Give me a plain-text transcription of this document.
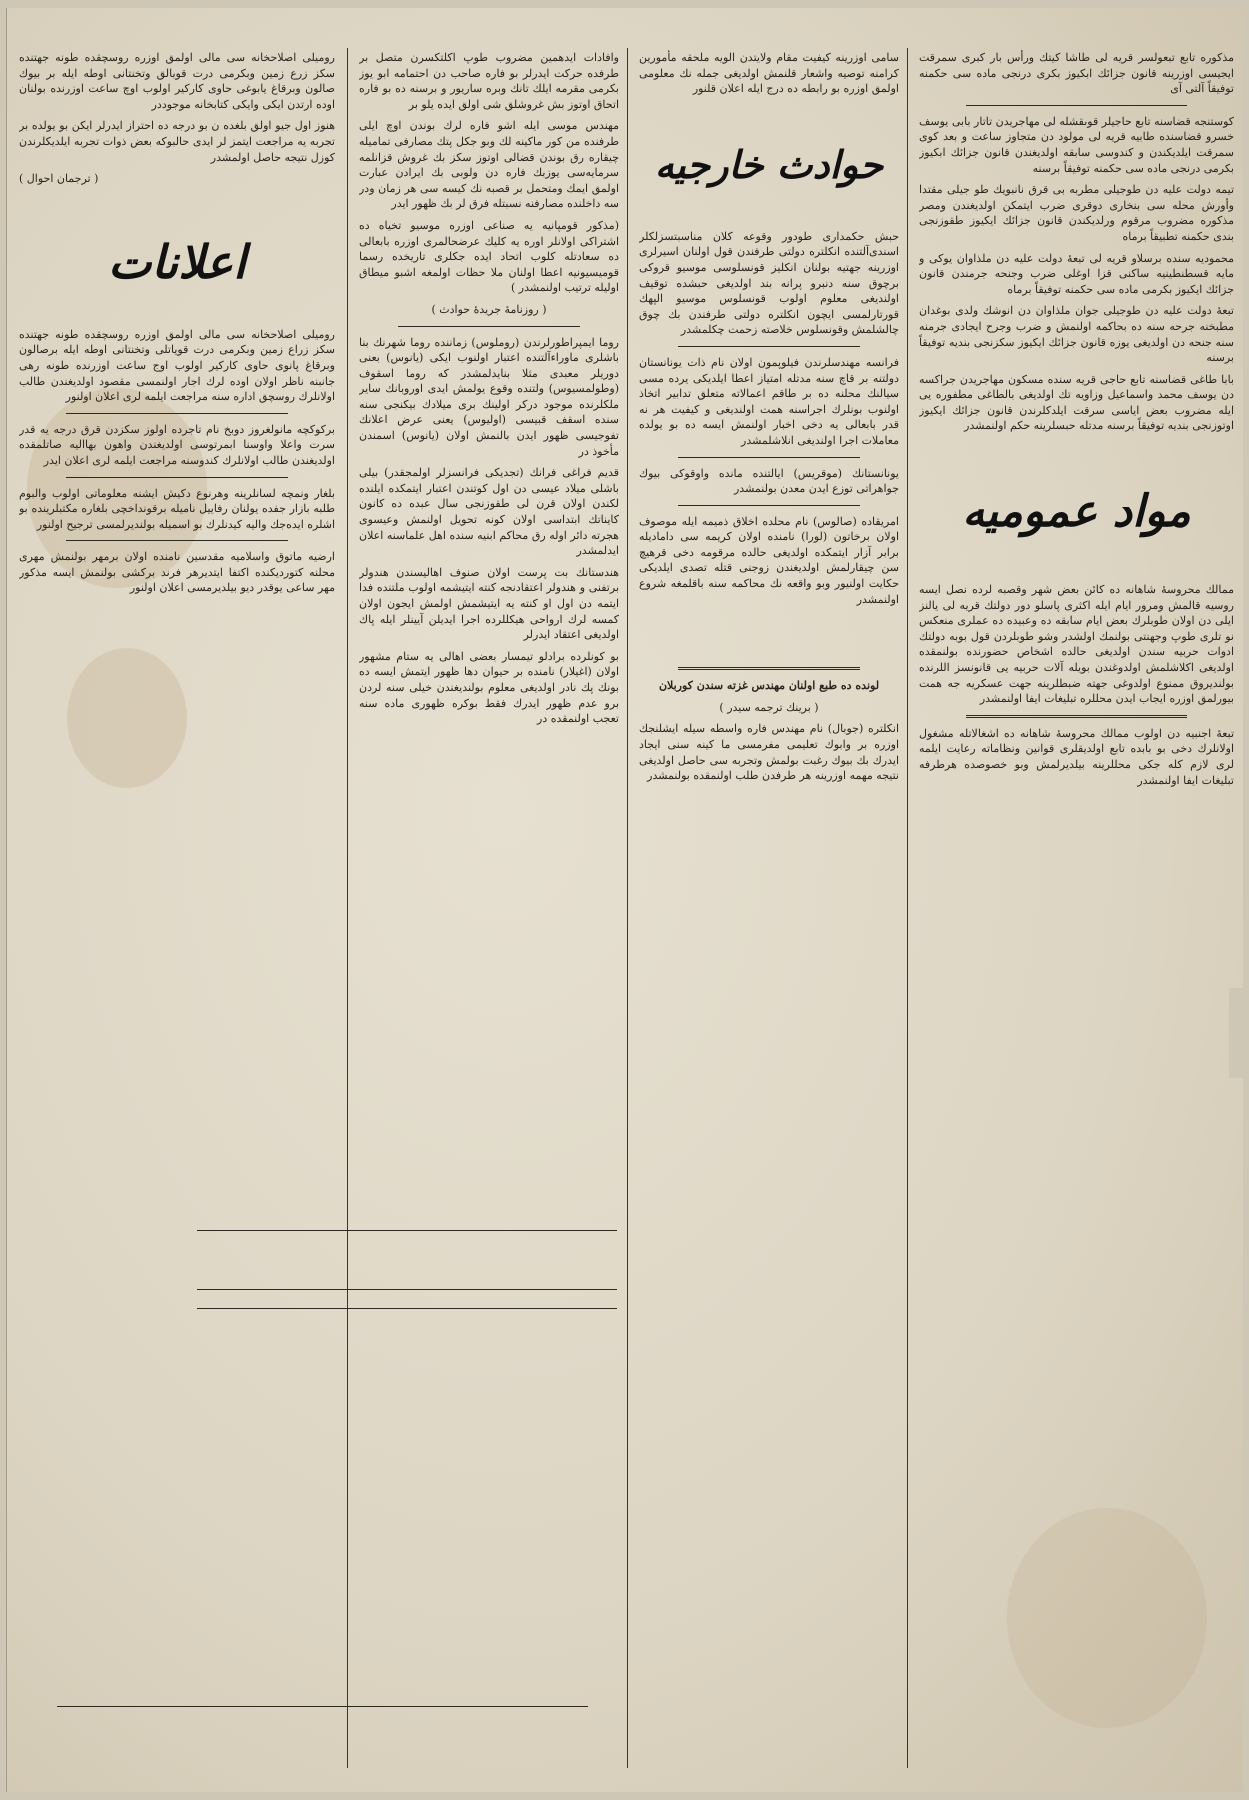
مذكوره تابع تبعولسر قريه لى طاشا كيتك ورأس بار كبرى سمرقت ايجيسى اوزرينه قانون جزائك ابكيوز بكرى درنجى ماده سى حكمنه توفيقاً آلتى آى
كوستنجه قضاسنه تابع حاجيلر قوىقشله لى مهاجريدن تاتار بابى يوسف خسرو قضاسنده طابيه قريه لى مولود دن متجاوز ساعت و بعد كوى سمرقت ايلديكندن و كندوسى سابقه اولديغندن قانون جزائك ابكيوز بكرمى درنجى ماده سى حكمنه توفيقاً برسنه
تيمه دولت عليه دن طوجيلى مطربه بى قرق نانبويك طو جيلى مقتدا وأورش محله سى بنخارى دوقرى ضرب ايتمكن اولديغندن ومصر مذكوره مضروب مرقوم ورلديكندن قانون جزائك ايكيوز طقوزنجى بندى حكمنه تطبيقاً برماه
محموديه سنده برسلاو قريه لى تبعهٔ دولت عليه دن ملذاوان يوكى و مايه قسطنطينيه ساكنى قزا اوغلى ضرب وجنحه جرمندن قانون جزائك ايكيوز بكرمى ماده سى حكمنه توفيقاً برماه
تبعهٔ دولت عليه دن طوجيلى جوان ملذاوان دن انوشك ولدى بوغدان مطبخنه جرحه سنه ده بحاكمه اولنمش و ضرب وجرح ايجادى جرمنه سنه جنحه دن اولديغى يوزه قانون جزائك ايكيوز سكزنجى بنديه توفيقاً برسنه
بابا طاغى قضاسنه تابع حاجى قريه سنده مسكون مهاجريدن جراكسه دن يوسف محمد واسماعيل وزاويه تك اولديغى بالطاغى مطفوره يى ايله مضروب بعض اياسى سرقت ايلدكلرندن قانون جزائك ايكيوز اوتوزنجى بنديه توفيقاً برسنه مدتله حبسلرينه حكم اولنمشدر
مواد عموميه
ممالك محروسهٔ شاهانه ده كائن بعض شهر وقصبه لرده نصل ايسه روسيه قالمش ومرور ايام ايله اكثرى پاسلو دور دولتك قريه لى يالنز ايلى دن اولان طوبلرك بعض ايام سابقه ده وعبيده ده عملرى منعكس نو تلرى طوپ وجهنتى بولنمك اولشدر وشو طوبلردن قول بوبه دولتك ادوات حربيه سندن اولديغى حالده اشخاص حضورنده بولنمقده اولديغى اكلاشلمش اولدوغندن بويله آلات حربيه يى قانونسز اللرنده بولنديروق ممنوع اولدوغى جهته ضبطلرينه جهت عسكريه جه همت بيورلمق اوزره ايجاب ايدن محللره تبليغات ايفا اولنمشدر
تبعهٔ اجنبيه دن اولوب ممالك محروسهٔ شاهانه ده اشغالاتله مشغول اولانلرك دخى بو بابده تابع اولديقلرى قوانين ونظاماته رعايت ايلمه لرى لازم كله جكى محللرينه بيلديرلمش وبو خصوصده هرطرفه تبليغات ايفا اولنمشدر
سامى اوزرينه كيفيت مقام ولايتدن الويه ملحقه مأمورين كرامنه توصيه واشعار قلنمش اولديغى جمله نك معلومى اولمق اوزره بو رابطه ده درج ايله اعلان قلنور
حوادث خارجيه
حبش حكمدارى طودور وقوعه كلان مناسبتسزلكلر اسندى‌آلتنده انكلتره دولتى طرفندن قول اولنان اسيرلرى اوزرينه جهتيه بولنان انكليز قونسلوسى موسيو قروكى برچوق سنه دنبرو پرانه بند اولديغى حبشده توقيف اولنديغى معلوم اولوب قونسلوس موسيو الپهك قورتارلمسى ايچون انكلتره دولتى طرفندن بك چوق چالشلمش وقونسلوس خلاصته زحمت چكلمشدر
فرانسه مهندسلرندن فيلوپمون اولان نام ذات يونانستان دولتنه بر قاچ سنه مدتله امتياز اعطا ايلديكى يرده مسى سيالنك محلنه ده بر طاقم اعمالاته متعلق تدابير اتخاذ اولنوب بونلرك اجراسنه همت اولنديغى و كيفيت هر نه قدر بابعالى يه دخى اخبار اولنمش ايسه ده بو يولده معاملات اجرا اولنديغى انلاشلمشدر
يونانستانك (موقريس) ايالتنده مانده واوقوكى بيوك جواهراتى توزع ايدن معدن بولنمشدر
امريقاده (صالوس) نام محلده اخلاق ذميمه ايله موصوف اولان برخاتون (لورا) نامنده اولان كريمه سى داماديله برابر آزار ايتمكده اولديغى حالده مرقومه دخى قرهيچ سن چيقارلمش اولديغندن زوجنى قتله تصدى ايلديكى حكايت اولنيور وبو واقعه نك محاكمه سنه باقلمغه شروع اولنمشدر
لونده ده طبع اولنان مهندس غزته سندن كوربلان
( برينك ترجمه سيدر )
انكلتره (جوبال) نام مهندس فاره واسطه سيله ايشلنجك اوزره بر وابوك تعليمى مفرمسى ما كينه سنى ايجاد ايدرك بك بيوك رغبت بولمش وتجربه سى حاصل اولديغى نتيجه مهمه اوزرينه هر طرفدن طلب اولنمقده بولنمشدر
وافادات ايدهمين مضروب طوپ اكلتكسرن متصل بر طرفده حركت ايدرلر بو فاره صاحب دن احتمامه ابو يوز بكرمى مقرمه ايلك تانك وبره ساريور و برسنه ده بو فاره اتحاق اوتوز بش غروشلق شى اولق ايده يلو بر
مهندس موسى ايله اشو فاره لرك بوندن اوچ ايلى طرفنده من كور ماكينه لك وبو جكل پتك مصارفى تماميله چيقاره رق بوندن قضالى اوتوز سكز بك غروش قزانلمه سرمايه‌سى يوزبك فاره دن ولوبى بك ايرادن عبارت اولمق ايمك ومتحمل بر قصبه نك كيسه سى هر زمان ودر سه داخلنده مصارفنه نسبتله فرق لر بك ظهور ايدر
(مذكور قومپانيه يه صناعى اوزره موسيو تخياه ده اشتراكى اولانلر اوره يه كليك عرضحالمرى اوزره بابعالى ده سعادتله كلوب اتحاد ايده جكلرى تاريخده رسما قوميسيونيه اعطا اولنان ملا حظات اولمغه اشبو ميطاق اوليله ترتيب اولنمشدر )
( روزنامهٔ جريدهٔ حوادث )
روما ايمپراطورلرندن (روملوس) زماننده روما شهرنك بنا باشلرى ماوراءآلتنده اعتبار اولنوب ايكى (يانوس) بعنى دوريلر معبدى مثلا بنايدلمشدر كه روما اسقوف (وطولمسيوس) ولتنده وقوع يولمش ايدى اوروبانك ساير ملكلرنده موجود دركر اولينك برى ميلادك بيكنجى سنه سنده اسقف قبيسى (اوليوس) يعنى عرض اعلانك تفوجيسى ظهور ايدن بالنمش اولان (يانوس) اسمندن مأخوذ در
قديم فراغى فرانك (تجديكى فرانسزلر اولمجقدر) بيلى باشلى ميلاد عيسى دن اول كوتندن اعتبار ايتمكده ايلنده لكندن اولان قرن لى طقوزنجى سال عبده ده كانون كايناتك ابتداسى اولان كونه تحويل اولنمش وعيسوى هجرته دائر اوله رق محاكم ابنيه سنده اهل علماسنه اعلان ايدلمشدر
هندستانك بت پرست اولان صنوف اهاليسندن هندولر برتفنى و هندولر اعتقادنجه كنته ايتيشمه اولوب ملتنده فدا ايتمه دن اول او كنته يه ايتيشمش اولمش ايجون اولان كمسه لرك ارواحى هيكللرده اجرا ايديلن آيينلر ايله پاك اولديغى اعتقاد ايدرلر
بو كونلرده برادلو تيمسار بعضى اهالى يه ستام مشهور اولان (اغيلار) نامنده بر حيوان دها ظهور ايتمش ايسه ده بونك پك نادر اولديغى معلوم بولنديغندن خيلى سنه لردن برو عدم ظهور ايدرك فقط بوكره ظهورى ماده سنه تعجب اولنمقده در
روميلى اصلاحخانه سى مالى اولمق اوزره روسچقده طونه جهتنده سكز زرع زمين وبكرمى درت قوبالق وتخنتانى اوطه ايله بر بيوك صالون وبرقاغ يابوغى حاوى كاركير اولوب اوچ ساعت اوزرنده بولنان اوده ارتدن ايكى وايكى كتابخانه موجوددر
هنوز اول جيو اولق بلغده ن بو درجه ده احتراز ايدرلر ايكن بو يولده بر تجربه يه مراجعت ايتمز لر ايدى حالبوكه بعض ذوات تجربه ايلديكلرندن كوزل نتيجه حاصل اولمشدر
( ترجمان احوال )
اعلانات
روميلى اصلاحخانه سى مالى اولمق اوزره روسچقده طونه جهتنده سكز زراع زمين وبكرمى درت قوياتلى وتخنتانى اوطه ايله برصالون وبرقاغ پانوى حاوى كاركير اولوب اوج ساعت اوزرنده طونه رهى جانبنه ناظر اولان اوده لرك اجار اولنمسى مقصود اولديغندن طالب اولانلرك روسچق اداره سنه مراجعت ايلمه لرى اعلان اولنور
بركوكچه مانولغروز دوبخ نام تاجرده اولوز سكزدن قرق درجه يه قدر سرت واعلا واوسنا ابمرتوسى اولديغندن واهون بهااليه صاتلمقده اولديغندن طالب اولانلرك كندوسنه مراجعت ايلمه لرى اعلان ايدر
بلغار ونمچه لسانلرينه وهرنوع دكيش ايشنه معلوماتى اولوب والبوم طلبه بازار جفده يولنان رفاييل ناميله برقونداخچى بلغاره مكتبلرينده بو اشلره ايده‌جك واليه كيدنلرك بو اسميله بولنديرلمسى ترجيح اولنور
ارضيه ماتوق واسلاميه مقدسين نامنده اولان برمهر بولنمش مهرى محلنه كتورديكنده اكتفا ايتديرهر فرند بركشى بولنمش ايسه مذكور مهر ساعى يوقدر ديو بيلديرمسى اعلان اولنور
